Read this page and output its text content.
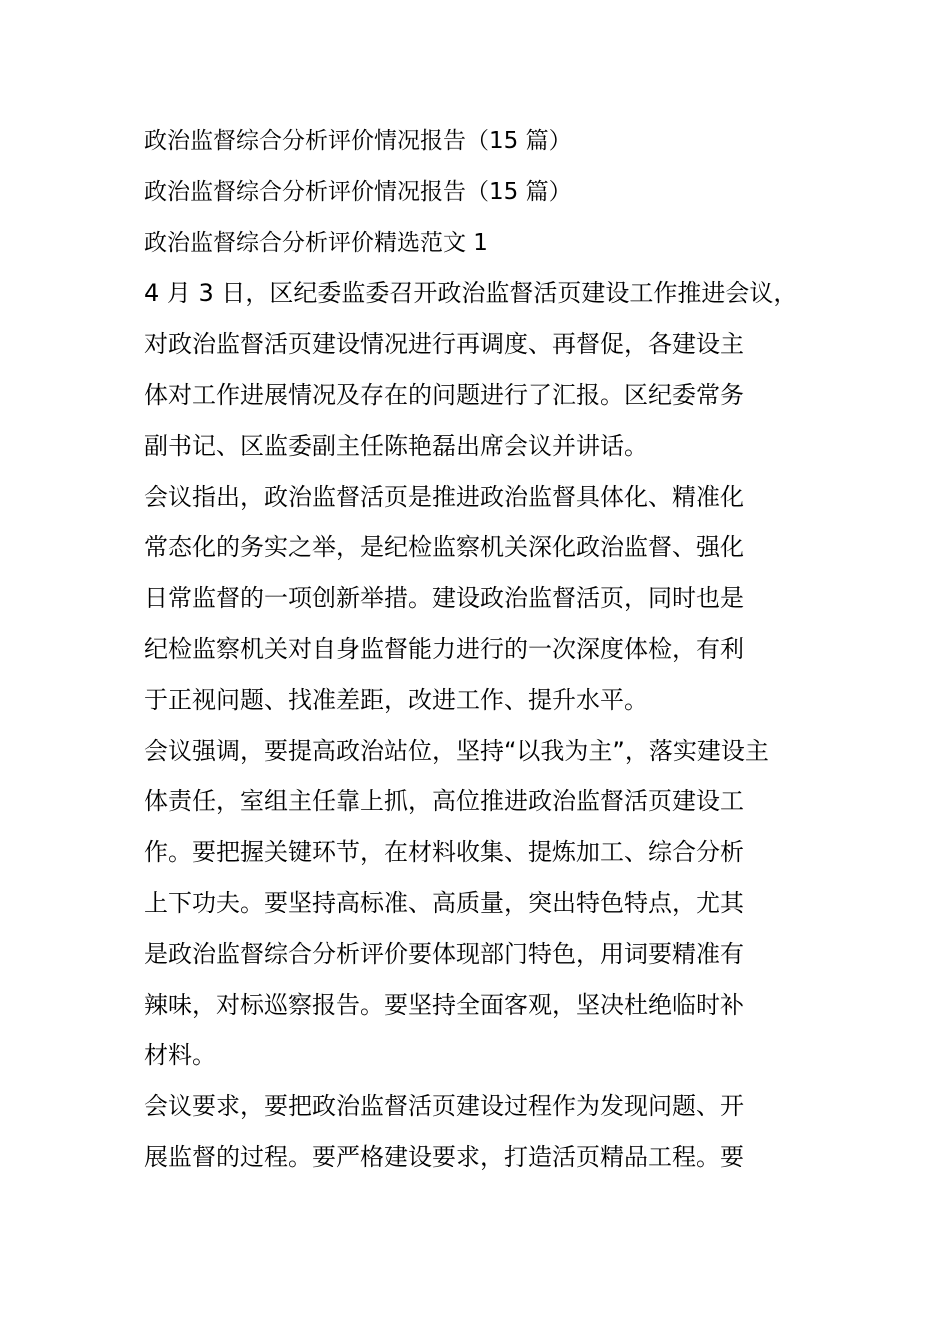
政治监督综合分析评价情况报告（15 篇）
政治监督综合分析评价情况报告（15 篇）
政治监督综合分析评价精选范文 1
4 月 3 日，区纪委监委召开政治监督活页建设工作推进会议，
对政治监督活页建设情况进行再调度、再督促，各建设主
体对工作进展情况及存在的问题进行了汇报。区纪委常务
副书记、区监委副主任陈艳磊出席会议并讲话。
会议指出，政治监督活页是推进政治监督具体化、精准化
常态化的务实之举，是纪检监察机关深化政治监督、强化
日常监督的一项创新举措。建设政治监督活页，同时也是
纪检监察机关对自身监督能力进行的一次深度体检，有利
于正视问题、找准差距，改进工作、提升水平。
会议强调，要提高政治站位，坚持“以我为主”，落实建设主
体责任，室组主任靠上抓，高位推进政治监督活页建设工
作。要把握关键环节，在材料收集、提炼加工、综合分析
上下功夫。要坚持高标准、高质量，突出特色特点，尤其
是政治监督综合分析评价要体现部门特色，用词要精准有
辣味，对标巡察报告。要坚持全面客观，坚决杜绝临时补
材料。
会议要求，要把政治监督活页建设过程作为发现问题、开
展监督的过程。要严格建设要求，打造活页精品工程。要
